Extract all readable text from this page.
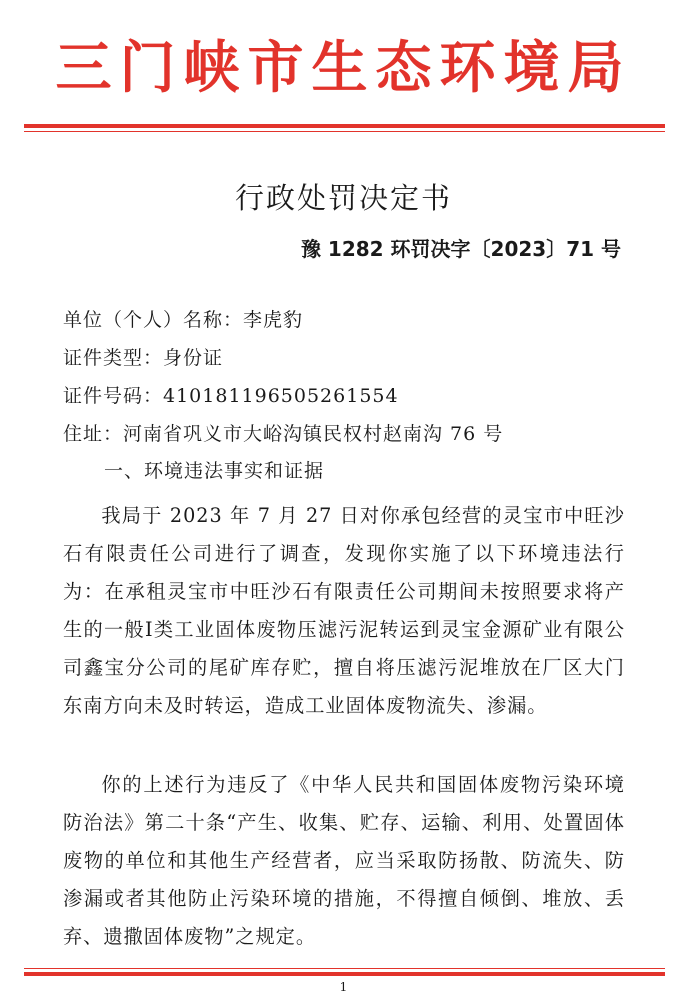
三门峡市生态环境局
行政处罚决定书
豫 1282 环罚决字〔2023〕71 号
单位（个人）名称：李虎豹
证件类型：身份证
证件号码：410181196505261554
住址：河南省巩义市大峪沟镇民权村赵南沟 76 号
一、环境违法事实和证据

我局于 2023 年 7 月 27 日对你承包经营的灵宝市中旺沙石有限责任公司进行了调查，发现你实施了以下环境违法行为：在承租灵宝市中旺沙石有限责任公司期间未按照要求将产生的一般Ⅰ类工业固体废物压滤污泥转运到灵宝金源矿业有限公司鑫宝分公司的尾矿库存贮，擅自将压滤污泥堆放在厂区大门东南方向未及时转运，造成工业固体废物流失、渗漏。

你的上述行为违反了《中华人民共和国固体废物污染环境防治法》第二十条“产生、收集、贮存、运输、利用、处置固体废物的单位和其他生产经营者，应当采取防扬散、防流失、防渗漏或者其他防止污染环境的措施，不得擅自倾倒、堆放、丢弃、遗撒固体废物”之规定。

1
